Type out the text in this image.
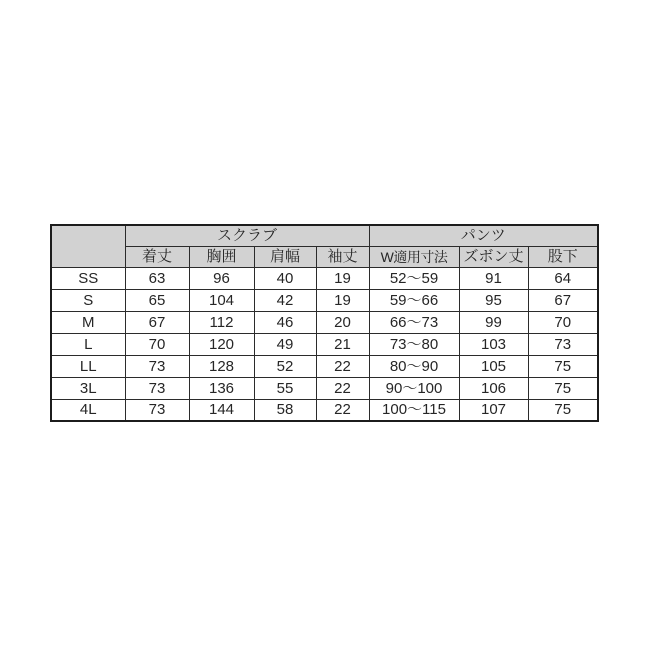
	スクラブ				パンツ		
	着丈	胸囲	肩幅	袖丈	W適用寸法	ズボン丈	股下
SS	63	96	40	19	52〜59	91	64
S	65	104	42	19	59〜66	95	67
M	67	112	46	20	66〜73	99	70
L	70	120	49	21	73〜80	103	73
LL	73	128	52	22	80〜90	105	75
3L	73	136	55	22	90〜100	106	75
4L	73	144	58	22	100〜115	107	75
